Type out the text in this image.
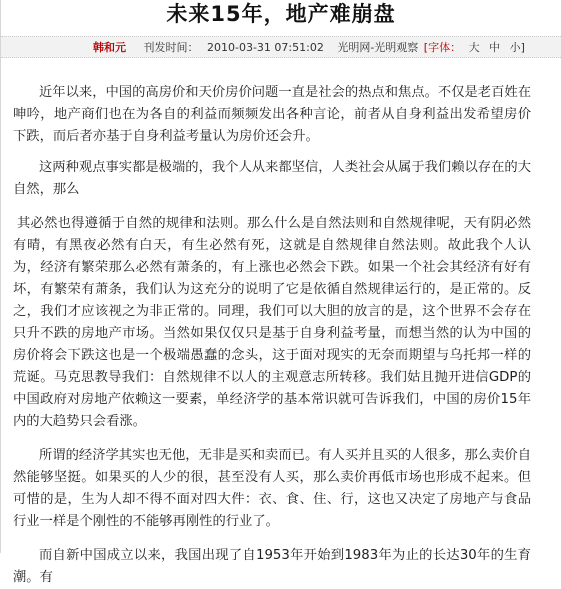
未来15年，地产难崩盘
韩和元 刊发时间： 2010-03-31 07:51:02 光明网-光明观察 [字体： 大 中 小]

近年以来，中国的高房价和天价房价问题一直是社会的热点和焦点。不仅是老百姓在呻吟，地产商们也在为各自的利益而频频发出各种言论，前者从自身利益出发希望房价下跌，而后者亦基于自身利益考量认为房价还会升。

这两种观点事实都是极端的，我个人从来都坚信，人类社会从属于我们赖以存在的大自然，那么

其必然也得遵循于自然的规律和法则。那么什么是自然法则和自然规律呢，天有阴必然有晴，有黑夜必然有白天，有生必然有死，这就是自然规律自然法则。故此我个人认为，经济有繁荣那么必然有萧条的，有上涨也必然会下跌。如果一个社会其经济有好有坏，有繁荣有萧条，我们认为这充分的说明了它是依循自然规律运行的，是正常的。反之，我们才应该视之为非正常的。同理，我们可以大胆的放言的是，这个世界不会存在只升不跌的房地产市场。当然如果仅仅只是基于自身利益考量，而想当然的认为中国的房价将会下跌这也是一个极端愚蠢的念头，这于面对现实的无奈而期望与乌托邦一样的荒诞。马克思教导我们：自然规律不以人的主观意志所转移。我们姑且抛开进信GDP的中国政府对房地产依赖这一要素，单经济学的基本常识就可告诉我们，中国的房价15年内的大趋势只会看涨。

所谓的经济学其实也无他，无非是买和卖而已。有人买并且买的人很多，那么卖价自然能够坚挺。如果买的人少的很，甚至没有人买，那么卖价再低市场也形成不起来。但可惜的是，生为人却不得不面对四大件：衣、食、住、行，这也又决定了房地产与食品行业一样是个刚性的不能够再刚性的行业了。

而自新中国成立以来，我国出现了自1953年开始到1983年为止的长达30年的生育潮。有
